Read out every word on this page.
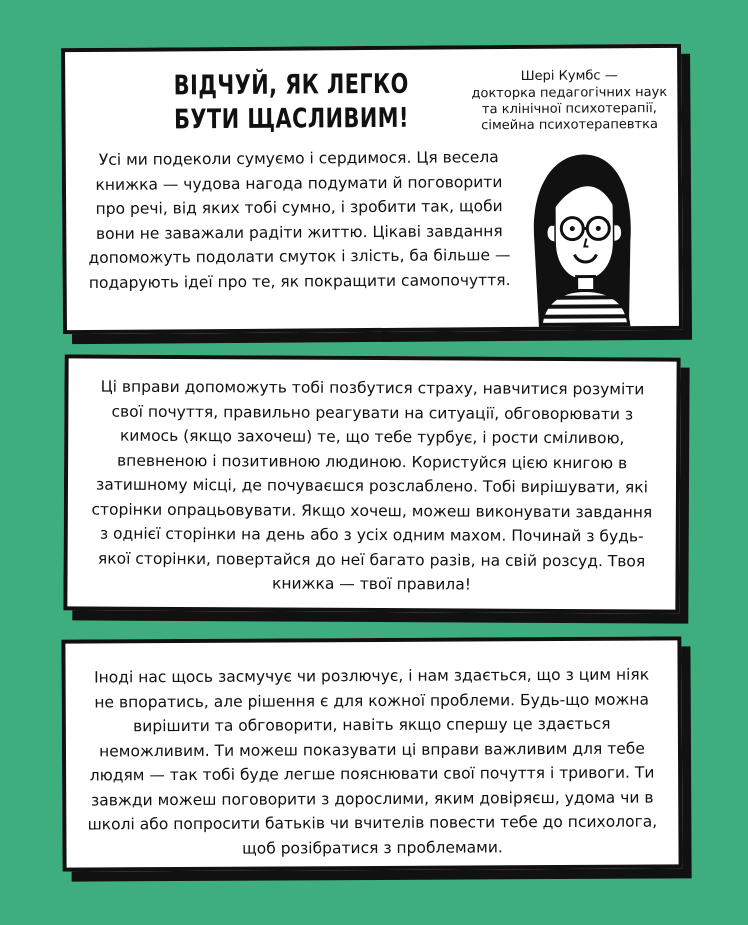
ВІДЧУЙ, ЯК ЛЕГКО БУТИ ЩАСЛИВИМ!

Усі ми подеколи сумуємо і сердимося. Ця весела книжка — чудова нагода подумати й поговорити про речі, від яких тобі сумно, і зробити так, щоби вони не заважали радіти життю. Цікаві завдання допоможуть подолати смуток і злість, ба більше — подарують ідеї про те, як покращити самопочуття.

Шері Кумбс —

докторка педагогічних наук та клінічної психотерапії, сімейна психотерапевтка

Ці вправи допоможуть тобі позбутися страху, навчитися розуміти свої почуття, правильно реагувати на ситуації, обговорювати з кимось (якщо захочеш) те, що тебе турбує, і рости сміливою, впевненою і позитивною людиною. Користуйся цією книгою в затишному місці, де почуваєшся розслаблено. Тобі вирішувати, які сторінки опрацьовувати. Якщо хочеш, можеш виконувати завдання з однієї сторінки на день або з усіх одним махом. Починай з будь-якої сторінки, повертайся до неї багато разів, на свій розсуд. Твоя книжка — твої правила!

Іноді нас щось засмучує чи розлючує, і нам здається, що з цим ніяк не впоратись, але рішення є для кожної проблеми. Будь-що можна вирішити та обговорити, навіть якщо спершу це здається неможливим. Ти можеш показувати ці вправи важливим для тебе людям — так тобі буде легше пояснювати свої почуття і тривоги. Ти завжди можеш поговорити з дорослими, яким довіряєш, удома чи в школі або попросити батьків чи вчителів повести тебе до психолога, щоб розібратися з проблемами.
